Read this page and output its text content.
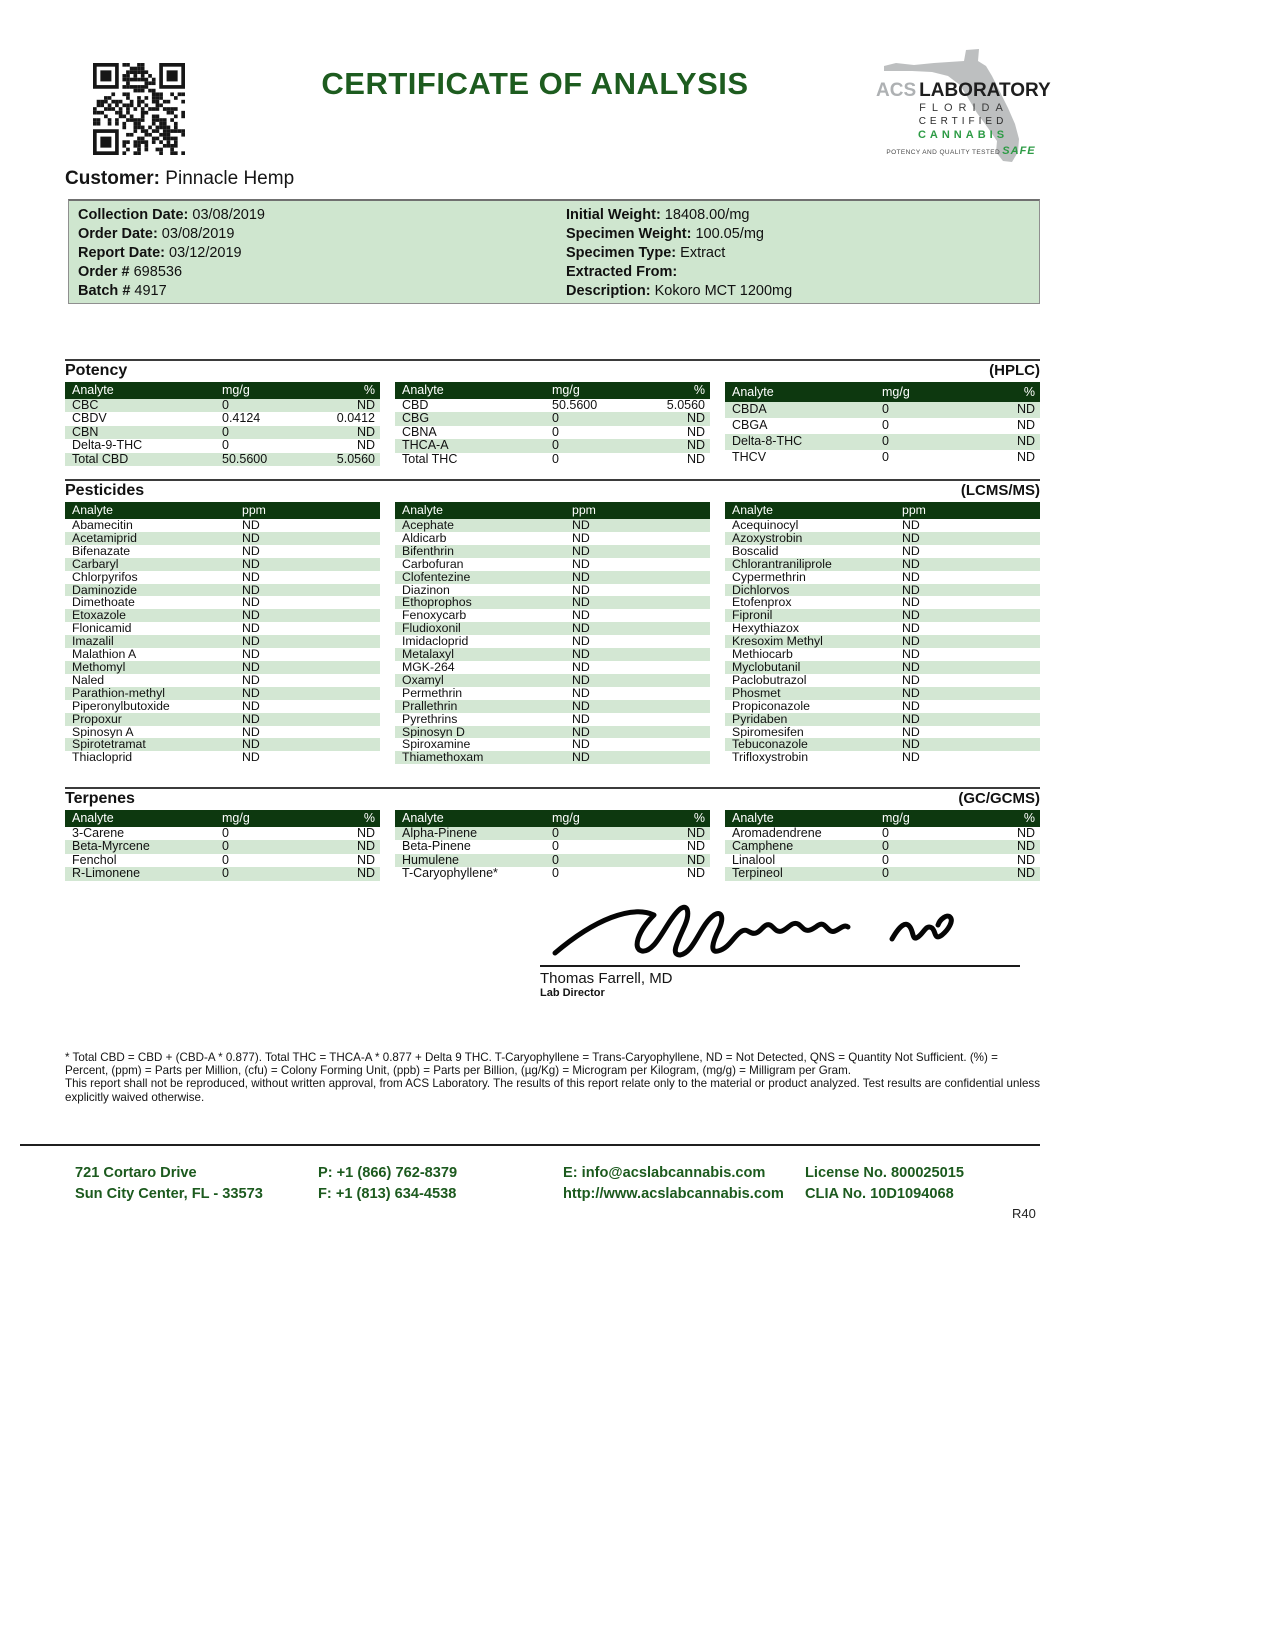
CERTIFICATE OF ANALYSIS	ACS LABORATORY
FLORIDA
CERTIFIED
CANNABIS
POTENCY AND QUALITY TESTED SAFE
Customer: Pinnacle Hemp
Collection Date: 03/08/2019
Order Date: 03/08/2019
Report Date: 03/12/2019
Order # 698536
Batch # 4917
Initial Weight: 18408.00/mg
Specimen Weight: 100.05/mg
Specimen Type: Extract
Extracted From:
Description: Kokoro MCT 1200mg
Potency	(HPLC)
Analyte	mg/g	%
CBC	0	ND
CBDV	0.4124	0.0412
CBN	0	ND
Delta-9-THC	0	ND
Total CBD	50.5600	5.0560
Analyte	mg/g	%
CBD	50.5600	5.0560
CBG	0	ND
CBNA	0	ND
THCA-A	0	ND
Total THC	0	ND
Analyte	mg/g	%
CBDA	0	ND
CBGA	0	ND
Delta-8-THC	0	ND
THCV	0	ND
Pesticides	(LCMS/MS)
Analyte	ppm
Abamecitin	ND
Acetamiprid	ND
Bifenazate	ND
Carbaryl	ND
Chlorpyrifos	ND
Daminozide	ND
Dimethoate	ND
Etoxazole	ND
Flonicamid	ND
Imazalil	ND
Malathion A	ND
Methomyl	ND
Naled	ND
Parathion-methyl	ND
Piperonylbutoxide	ND
Propoxur	ND
Spinosyn A	ND
Spirotetramat	ND
Thiacloprid	ND
Analyte	ppm
Acephate	ND
Aldicarb	ND
Bifenthrin	ND
Carbofuran	ND
Clofentezine	ND
Diazinon	ND
Ethoprophos	ND
Fenoxycarb	ND
Fludioxonil	ND
Imidacloprid	ND
Metalaxyl	ND
MGK-264	ND
Oxamyl	ND
Permethrin	ND
Prallethrin	ND
Pyrethrins	ND
Spinosyn D	ND
Spiroxamine	ND
Thiamethoxam	ND
Analyte	ppm
Acequinocyl	ND
Azoxystrobin	ND
Boscalid	ND
Chlorantraniliprole	ND
Cypermethrin	ND
Dichlorvos	ND
Etofenprox	ND
Fipronil	ND
Hexythiazox	ND
Kresoxim Methyl	ND
Methiocarb	ND
Myclobutanil	ND
Paclobutrazol	ND
Phosmet	ND
Propiconazole	ND
Pyridaben	ND
Spiromesifen	ND
Tebuconazole	ND
Trifloxystrobin	ND
Terpenes	(GC/GCMS)
Analyte	mg/g	%
3-Carene	0	ND
Beta-Myrcene	0	ND
Fenchol	0	ND
R-Limonene	0	ND
Analyte	mg/g	%
Alpha-Pinene	0	ND
Beta-Pinene	0	ND
Humulene	0	ND
T-Caryophyllene*	0	ND
Analyte	mg/g	%
Aromadendrene	0	ND
Camphene	0	ND
Linalool	0	ND
Terpineol	0	ND
Thomas Farrell, MD
Lab Director
* Total CBD = CBD + (CBD-A * 0.877). Total THC = THCA-A * 0.877 + Delta 9 THC. T-Caryophyllene = Trans-Caryophyllene, ND = Not Detected, QNS = Quantity Not Sufficient. (%) = Percent, (ppm) = Parts per Million, (cfu) = Colony Forming Unit, (ppb) = Parts per Billion, (µg/Kg) = Microgram per Kilogram, (mg/g) = Milligram per Gram.
This report shall not be reproduced, without written approval, from ACS Laboratory. The results of this report relate only to the material or product analyzed. Test results are confidential unless explicitly waived otherwise.
721 Cortaro Drive
Sun City Center, FL - 33573
P: +1 (866) 762-8379
F: +1 (813) 634-4538
E: info@acslabcannabis.com
http://www.acslabcannabis.com
License No. 800025015
CLIA No. 10D1094068
R40
